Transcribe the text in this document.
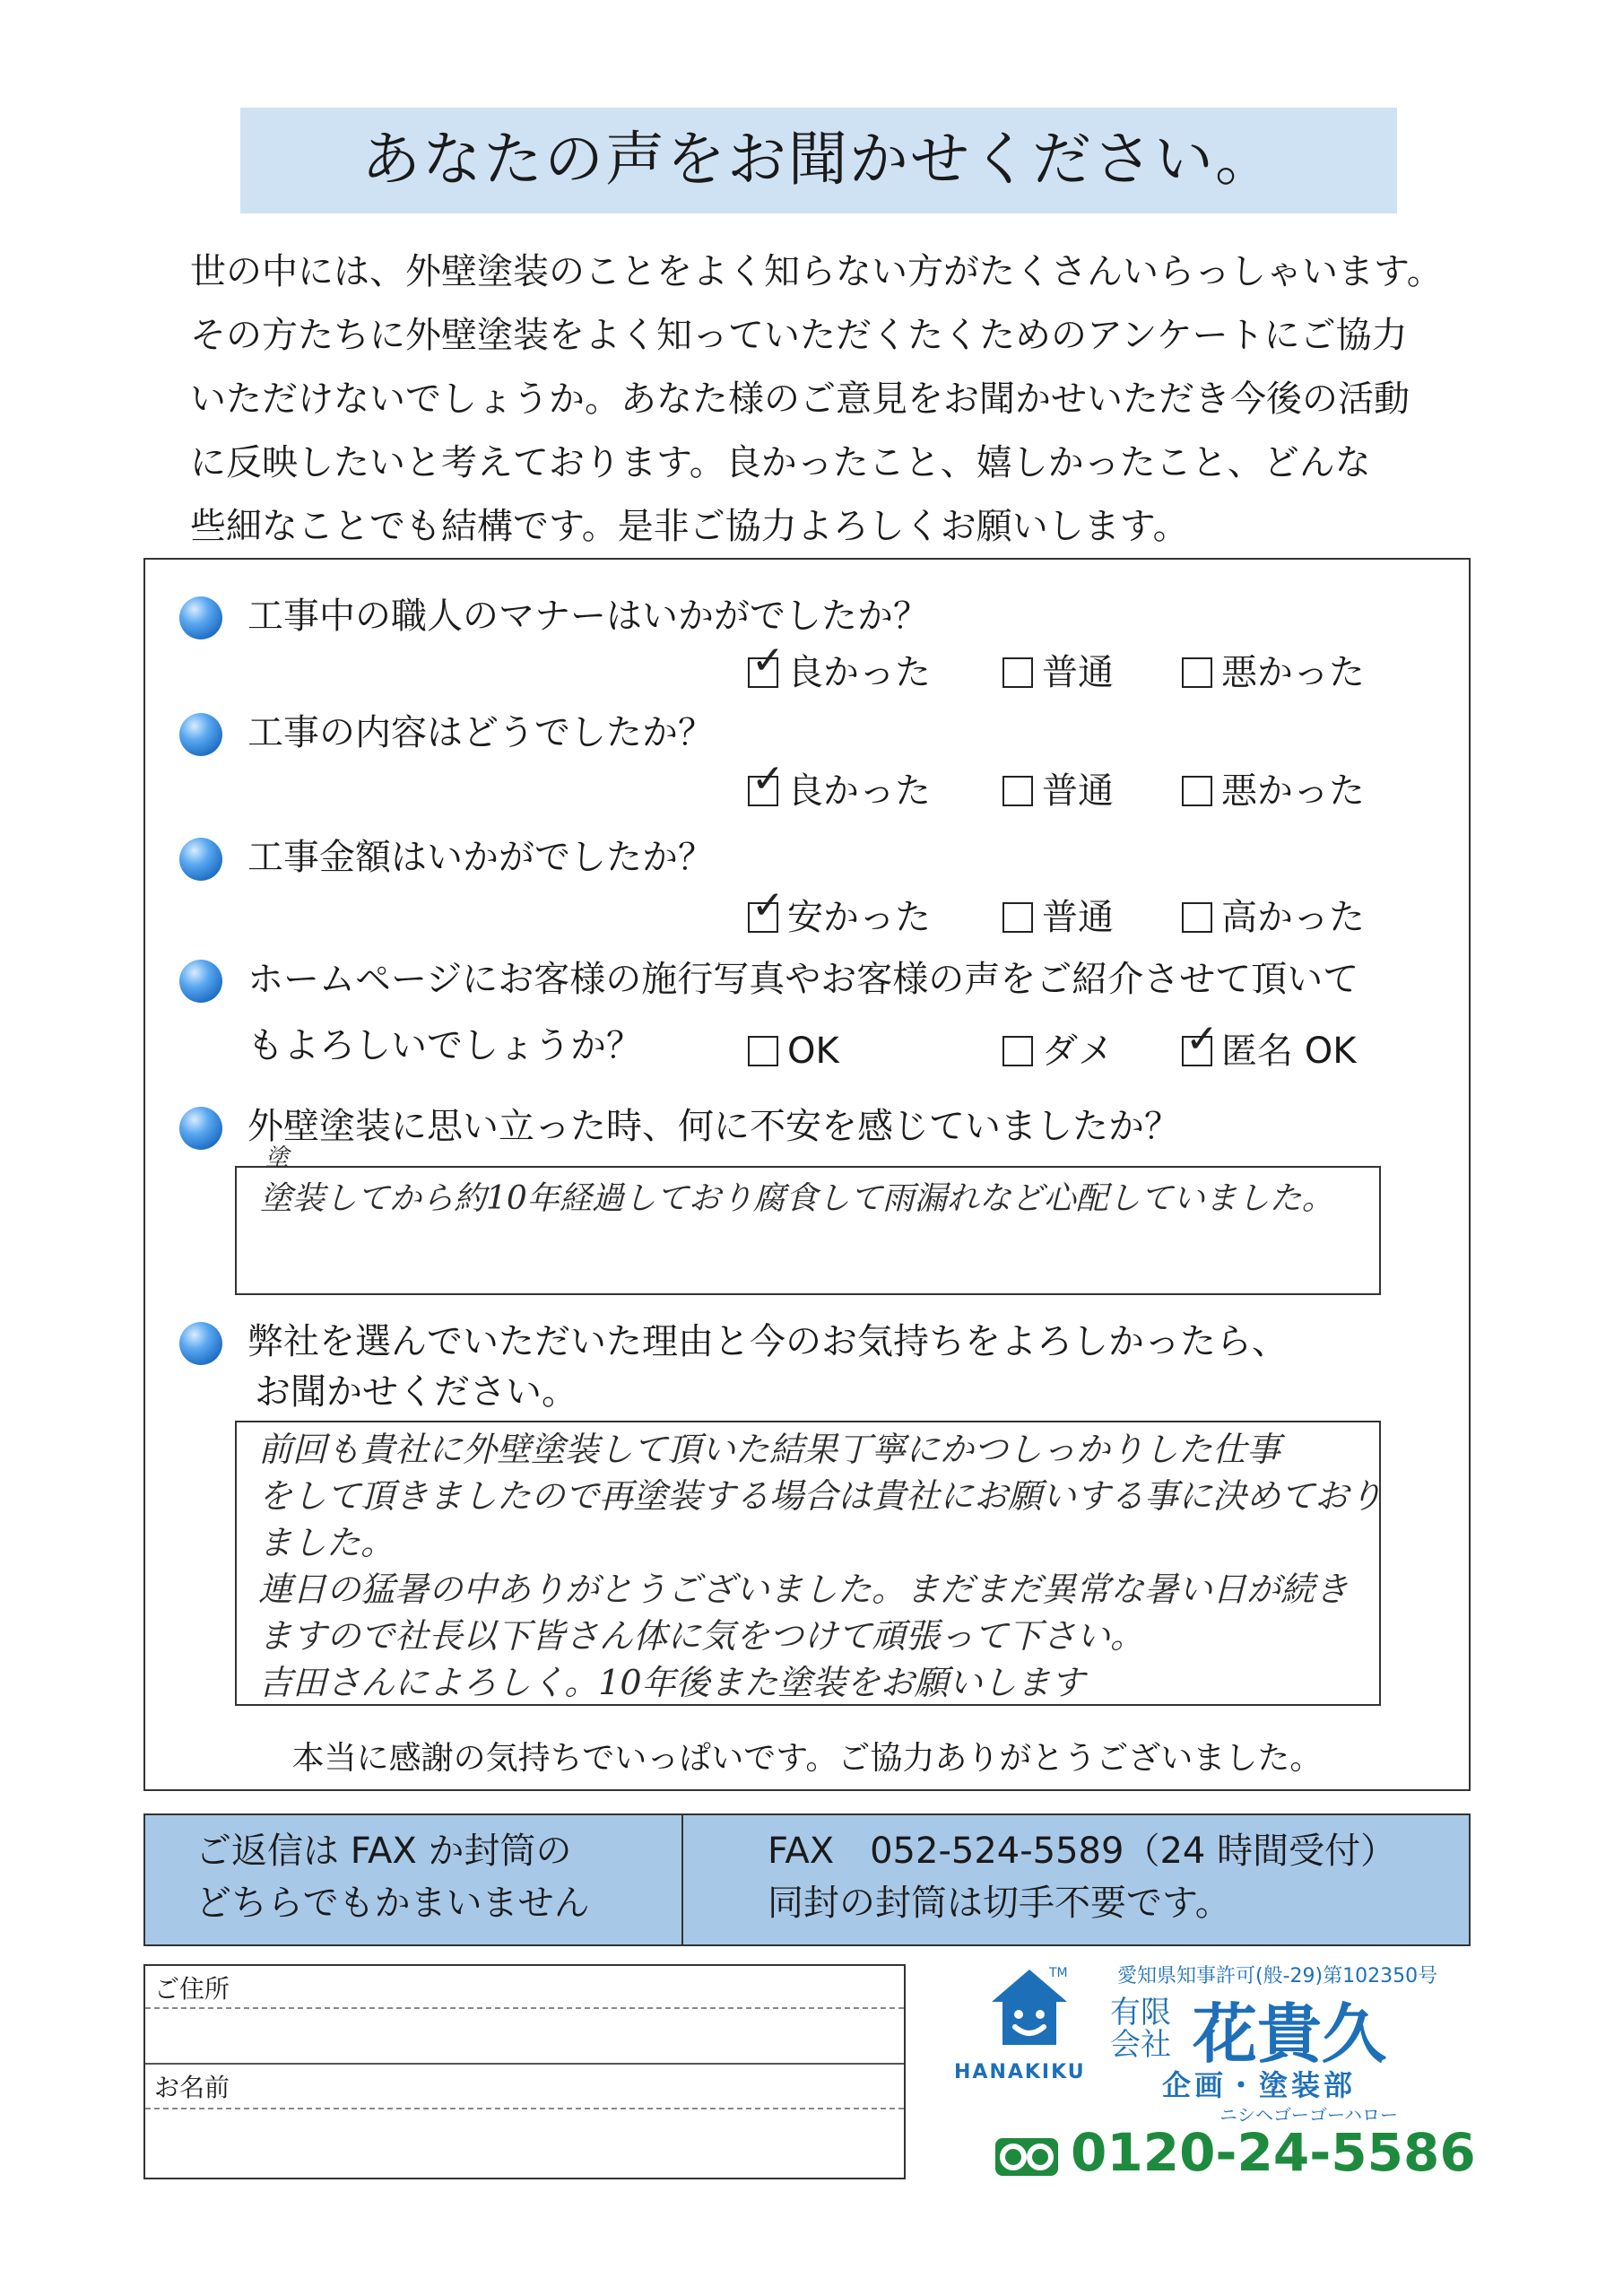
あなたの声をお聞かせください。
世の中には、外壁塗装のことをよく知らない方がたくさんいらっしゃいます。
その方たちに外壁塗装をよく知っていただくたくためのアンケートにご協力
いただけないでしょうか。あなた様のご意見をお聞かせいただき今後の活動
に反映したいと考えております。良かったこと、嬉しかったこと、どんな
些細なことでも結構です。是非ご協力よろしくお願いします。
工事中の職人のマナーはいかがでしたか？
✓良かった	普通	悪かった
工事の内容はどうでしたか？
✓良かった	普通	悪かった
工事金額はいかがでしたか？
✓安かった	普通	高かった
ホームページにお客様の施行写真やお客様の声をご紹介させて頂いて
もよろしいでしょうか？	OK	ダメ
✓	匿名 OK
外壁塗装に思い立った時、何に不安を感じていましたか？
塗
塗装してから約10年経過しており腐食して雨漏れなど心配していました。
弊社を選んでいただいた理由と今のお気持ちをよろしかったら、
お聞かせください。
前回も貴社に外壁塗装して頂いた結果丁寧にかつしっかりした仕事
をして頂きましたので再塗装する場合は貴社にお願いする事に決めており
ました。
連日の猛暑の中ありがとうございました。まだまだ異常な暑い日が続き
ますので社長以下皆さん体に気をつけて頑張って下さい。
吉田さんによろしく。10年後また塗装をお願いします
本当に感謝の気持ちでいっぱいです。ご協力ありがとうございました。
ご返信は FAX か封筒の
どちらでもかまいません
FAX　052-524-5589（24 時間受付）
同封の封筒は切手不要です。
ご住所
お名前
TM
HANAKIKU
愛知県知事許可(般-29)第102350号
有限
会社 花貴久
企画・塗装部
ニシヘゴーゴーハロー
0120-24-5586
